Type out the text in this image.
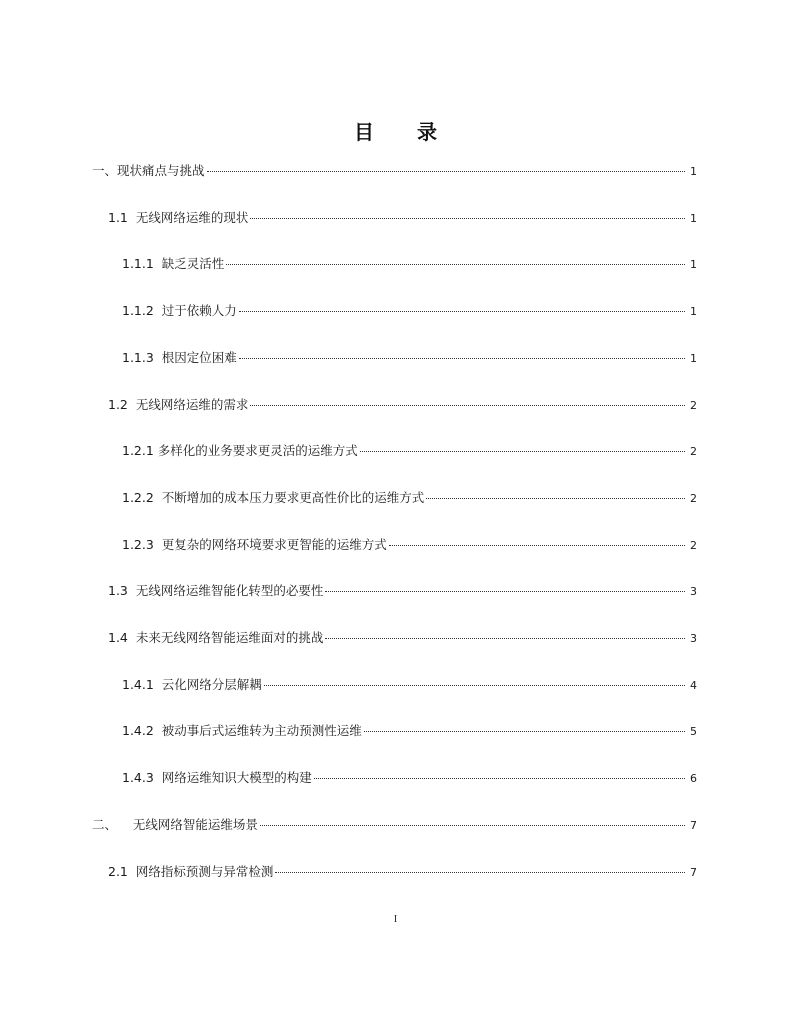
目 录
一、 现状痛点与挑战	1
1.1 无线网络运维的现状	1
1.1.1 缺乏灵活性	1
1.1.2 过于依赖人力	1
1.1.3 根因定位困难	1
1.2 无线网络运维的需求	2
1.2.1 多样化的业务要求更灵活的运维方式	2
1.2.2 不断增加的成本压力要求更高性价比的运维方式	2
1.2.3 更复杂的网络环境要求更智能的运维方式	2
1.3 无线网络运维智能化转型的必要性	3
1.4 未来无线网络智能运维面对的挑战	3
1.4.1 云化网络分层解耦	4
1.4.2 被动事后式运维转为主动预测性运维	5
1.4.3 网络运维知识大模型的构建	6
二、 无线网络智能运维场景	7
2.1 网络指标预测与异常检测	7
I
